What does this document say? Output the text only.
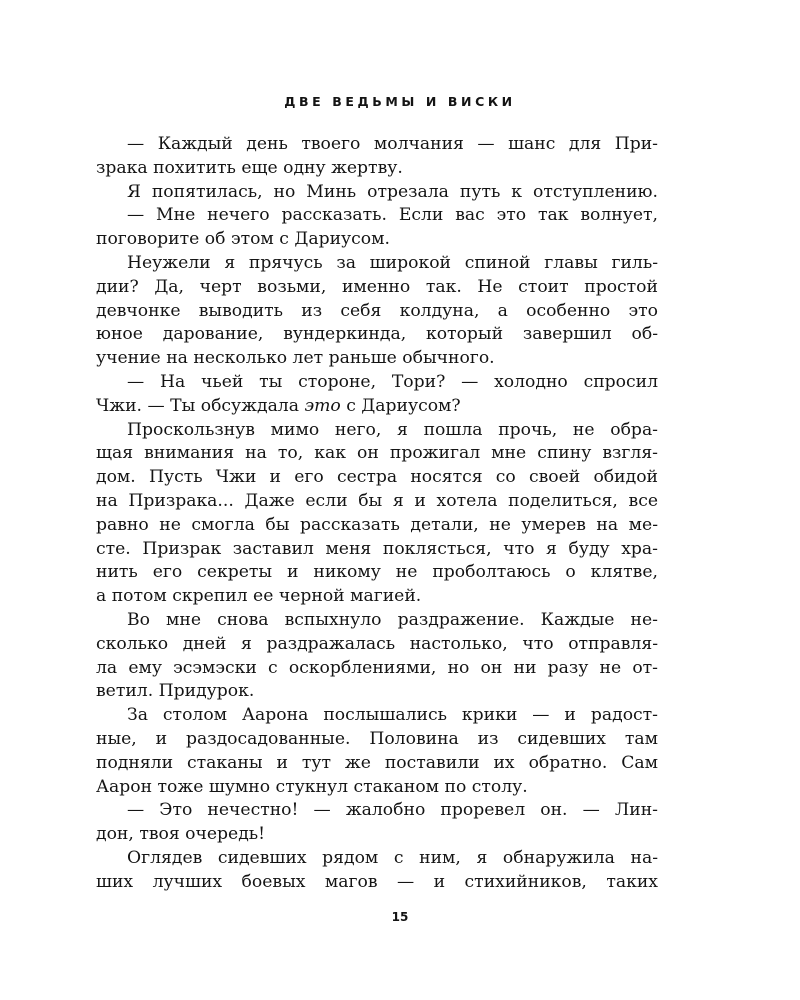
ДВЕ ВЕДЬМЫ И ВИСКИ
— Каждый день твоего молчания — шанс для При-
зрака похитить еще одну жертву.
Я попятилась, но Минь отрезала путь к отступлению.
— Мне нечего рассказать. Если вас это так волнует,
поговорите об этом с Дариусом.
Неужели я прячусь за широкой спиной главы гиль-
дии? Да, черт возьми, именно так. Не стоит простой
девчонке выводить из себя колдуна, а особенно это
юное дарование, вундеркинда, который завершил об-
учение на несколько лет раньше обычного.
— На чьей ты стороне, Тори? — холодно спросил
Чжи. — Ты обсуждала это с Дариусом?
Проскользнув мимо него, я пошла прочь, не обра-
щая внимания на то, как он прожигал мне спину взгля-
дом. Пусть Чжи и его сестра носятся со своей обидой
на Призрака... Даже если бы я и хотела поделиться, все
равно не смогла бы рассказать детали, не умерев на ме-
сте. Призрак заставил меня поклясться, что я буду хра-
нить его секреты и никому не проболтаюсь о клятве,
а потом скрепил ее черной магией.
Во мне снова вспыхнуло раздражение. Каждые не-
сколько дней я раздражалась настолько, что отправля-
ла ему эсэмэски с оскорблениями, но он ни разу не от-
ветил. Придурок.
За столом Аарона послышались крики — и радост-
ные, и раздосадованные. Половина из сидевших там
подняли стаканы и тут же поставили их обратно. Сам
Аарон тоже шумно стукнул стаканом по столу.
— Это нечестно! — жалобно проревел он. — Лин-
дон, твоя очередь!
Оглядев сидевших рядом с ним, я обнаружила на-
ших лучших боевых магов — и стихийников, таких
15
